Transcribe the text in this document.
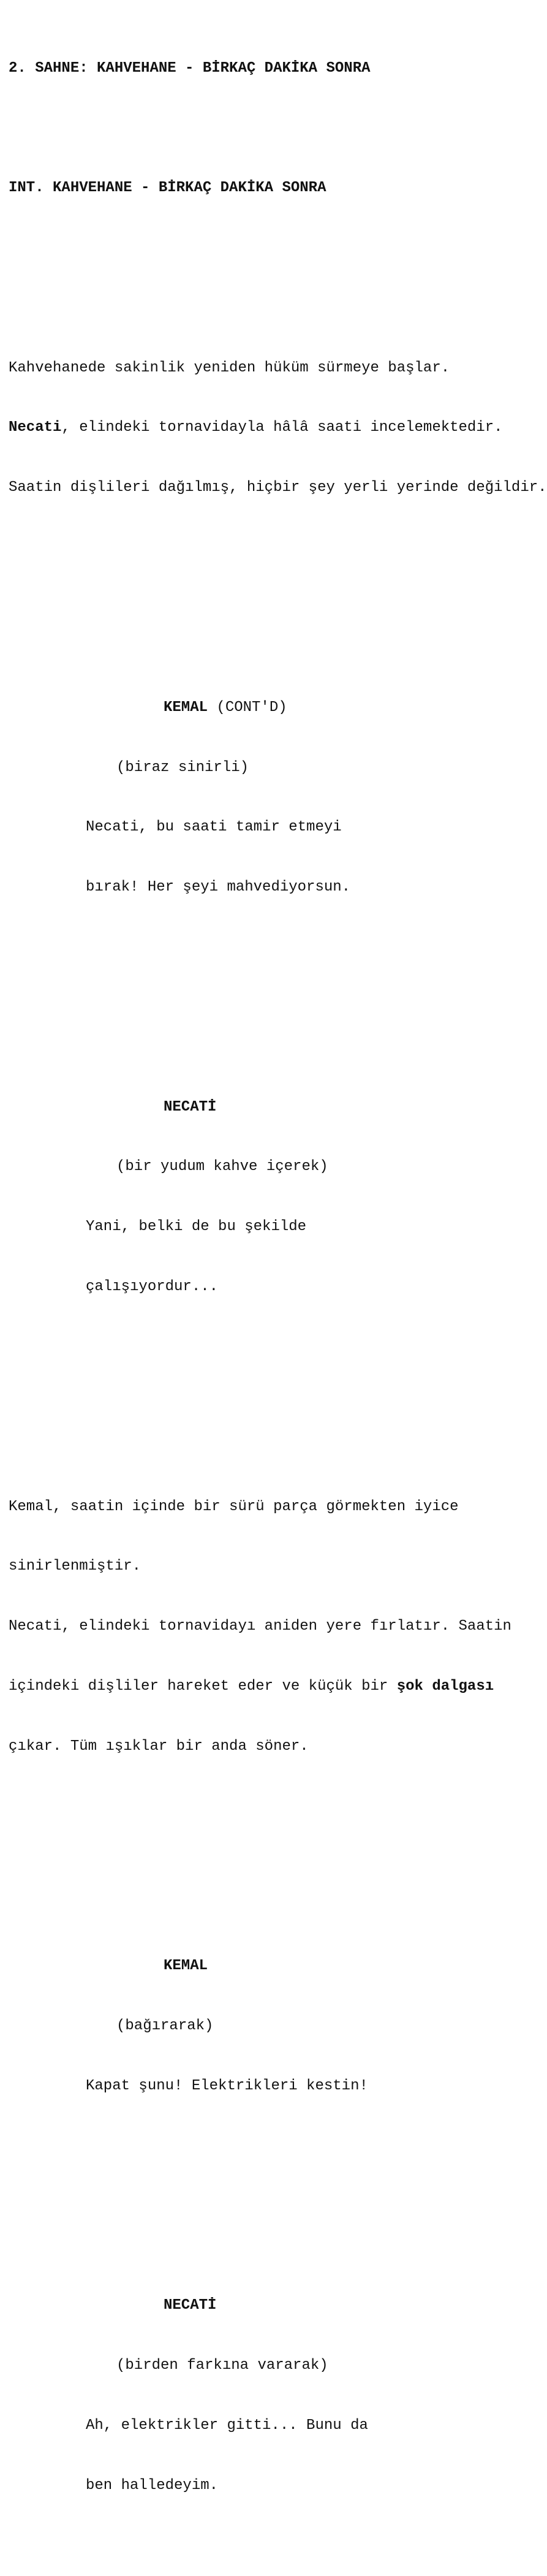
2. SAHNE: KAHVEHANE - BİRKAÇ DAKİKA SONRA

INT. KAHVEHANE - BİRKAÇ DAKİKA SONRA

Kahvehanede sakinlik yeniden hüküm sürmeye başlar.

Necati, elindeki tornavidayla hâlâ saati incelemektedir.

Saatin dişlileri dağılmış, hiçbir şey yerli yerinde değildir.

KEMAL (CONT'D)

(biraz sinirli)

Necati, bu saati tamir etmeyi

bırak! Her şeyi mahvediyorsun.

NECATİ

(bir yudum kahve içerek)

Yani, belki de bu şekilde

çalışıyordur...

Kemal, saatin içinde bir sürü parça görmekten iyice

sinirlenmiştir.

Necati, elindeki tornavidayı aniden yere fırlatır. Saatin

içindeki dişliler hareket eder ve küçük bir şok dalgası

çıkar. Tüm ışıklar bir anda söner.

KEMAL

(bağırarak)

Kapat şunu! Elektrikleri kestin!

NECATİ

(birden farkına vararak)

Ah, elektrikler gitti... Bunu da

ben halledeyim.
